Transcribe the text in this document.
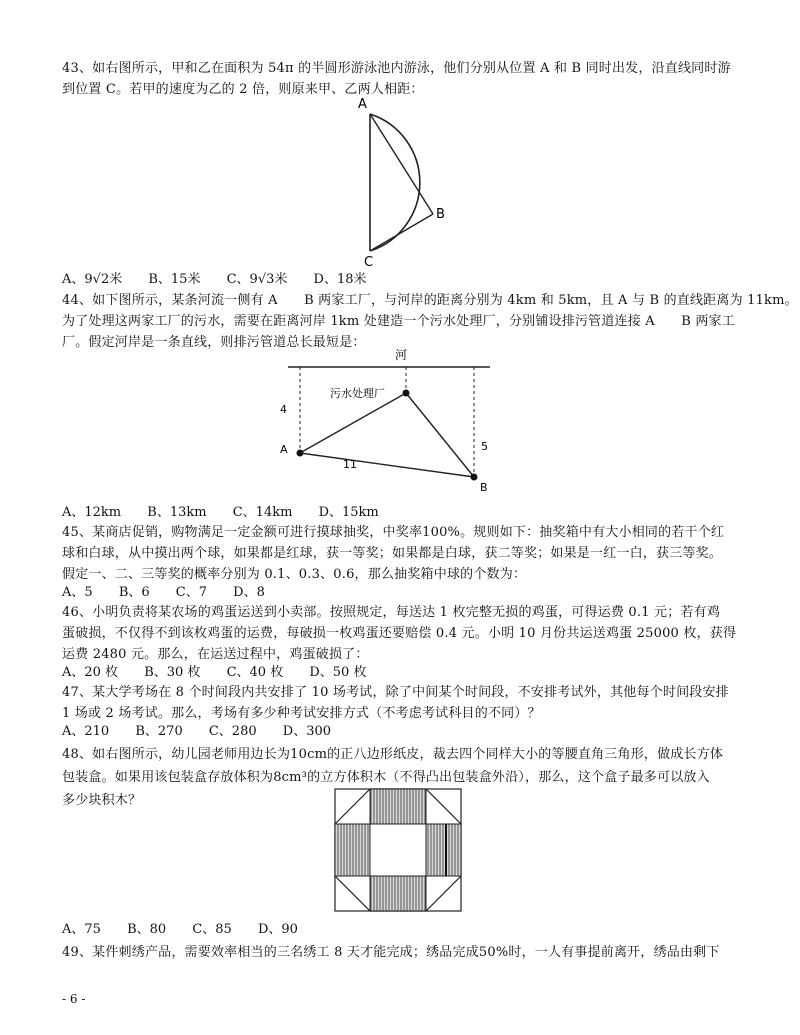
43、如右图所示，甲和乙在面积为 54π 的半圆形游泳池内游泳，他们分别从位置 A 和 B 同时出发，沿直线同时游
到位置 C。若甲的速度为乙的 2 倍，则原来甲、乙两人相距：
A
B
C
A、9√2米 B、15米 C、9√3米 D、18米
44、如下图所示，某条河流一侧有 A　　B 两家工厂，与河岸的距离分别为 4km 和 5km，且 A 与 B 的直线距离为 11km。
为了处理这两家工厂的污水，需要在距离河岸 1km 处建造一个污水处理厂，分别铺设排污管道连接 A　　B 两家工
厂。假定河岸是一条直线，则排污管道总长最短是：
河
污水处理厂
4
5
11
A
B
A、12km B、13km C、14km D、15km
45、某商店促销，购物满足一定金额可进行摸球抽奖，中奖率100%。规则如下：抽奖箱中有大小相同的若干个红
球和白球，从中摸出两个球，如果都是红球，获一等奖；如果都是白球，获二等奖；如果是一红一白，获三等奖。
假定一、二、三等奖的概率分别为 0.1、0.3、0.6，那么抽奖箱中球的个数为：
A、5 B、6 C、7 D、8
46、小明负责将某农场的鸡蛋运送到小卖部。按照规定，每送达 1 枚完整无损的鸡蛋，可得运费 0.1 元；若有鸡
蛋破损，不仅得不到该枚鸡蛋的运费，每破损一枚鸡蛋还要赔偿 0.4 元。小明 10 月份共运送鸡蛋 25000 枚，获得
运费 2480 元。那么，在运送过程中，鸡蛋破损了：
A、20 枚 B、30 枚 C、40 枚 D、50 枚
47、某大学考场在 8 个时间段内共安排了 10 场考试，除了中间某个时间段，不安排考试外，其他每个时间段安排
1 场或 2 场考试。那么，考场有多少种考试安排方式（不考虑考试科目的不同）？
A、210 B、270 C、280 D、300
48、如右图所示，幼儿园老师用边长为10cm的正八边形纸皮，裁去四个同样大小的等腰直角三角形，做成长方体
包装盒。如果用该包装盒存放体积为8cm³的立方体积木（不得凸出包装盒外沿），那么，这个盒子最多可以放入
多少块积木？
A、75 B、80 C、85 D、90
49、某件刺绣产品，需要效率相当的三名绣工 8 天才能完成；绣品完成50%时，一人有事提前离开，绣品由剩下
- 6 -
